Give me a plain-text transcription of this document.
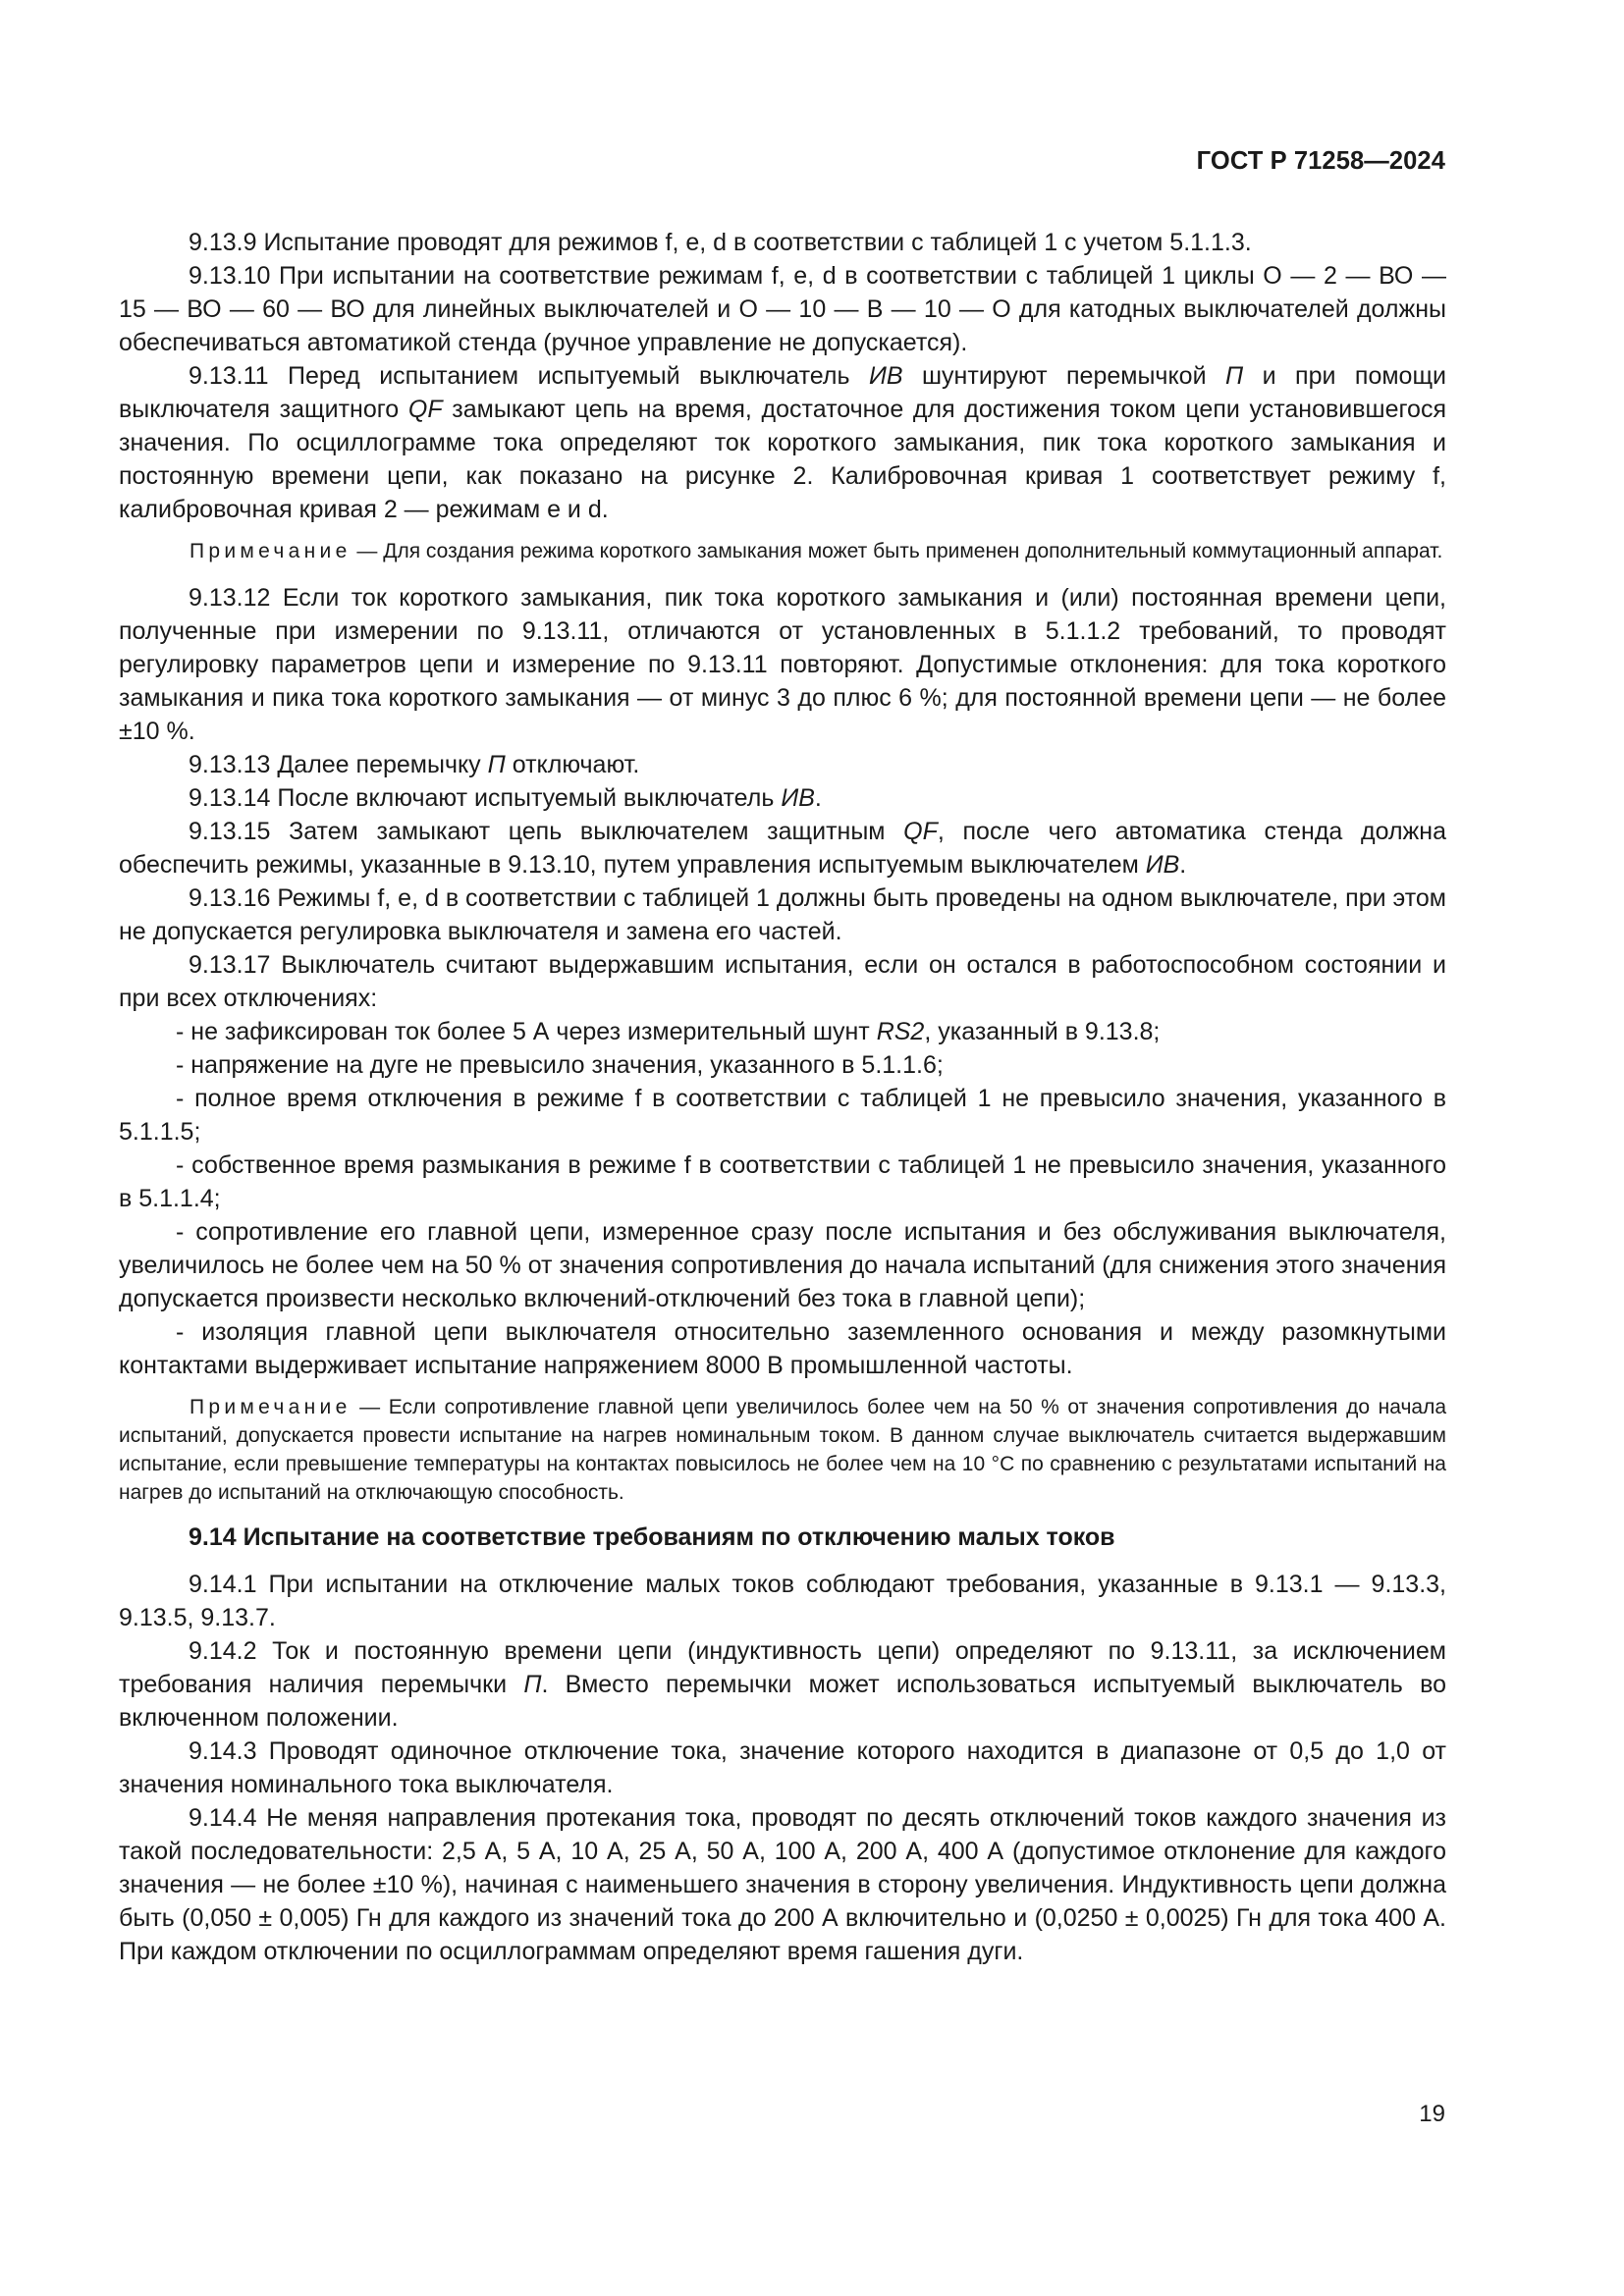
ГОСТ Р 71258—2024

9.13.9 Испытание проводят для режимов f, е, d в соответствии с таблицей 1 с учетом 5.1.1.3.

9.13.10 При испытании на соответствие режимам f, е, d в соответствии с таблицей 1 циклы О — 2 — ВО — 15 — ВО — 60 — ВО для линейных выключателей и О — 10 — В — 10 — О для катодных выключателей должны обеспечиваться автоматикой стенда (ручное управление не допускается).

9.13.11 Перед испытанием испытуемый выключатель ИВ шунтируют перемычкой П и при помощи выключателя защитного QF замыкают цепь на время, достаточное для достижения током цепи установившегося значения. По осциллограмме тока определяют ток короткого замыкания, пик тока короткого замыкания и постоянную времени цепи, как показано на рисунке 2. Калибровочная кривая 1 соответствует режиму f, калибровочная кривая 2 — режимам е и d.

Примечание — Для создания режима короткого замыкания может быть применен дополнительный коммутационный аппарат.

9.13.12 Если ток короткого замыкания, пик тока короткого замыкания и (или) постоянная времени цепи, полученные при измерении по 9.13.11, отличаются от установленных в 5.1.1.2 требований, то проводят регулировку параметров цепи и измерение по 9.13.11 повторяют. Допустимые отклонения: для тока короткого замыкания и пика тока короткого замыкания — от минус 3 до плюс 6 %; для постоянной времени цепи — не более ±10 %.

9.13.13 Далее перемычку П отключают.

9.13.14 После включают испытуемый выключатель ИВ.

9.13.15 Затем замыкают цепь выключателем защитным QF, после чего автоматика стенда должна обеспечить режимы, указанные в 9.13.10, путем управления испытуемым выключателем ИВ.

9.13.16 Режимы f, е, d в соответствии с таблицей 1 должны быть проведены на одном выключателе, при этом не допускается регулировка выключателя и замена его частей.

9.13.17 Выключатель считают выдержавшим испытания, если он остался в работоспособном состоянии и при всех отключениях:

- не зафиксирован ток более 5 А через измерительный шунт RS2, указанный в 9.13.8;

- напряжение на дуге не превысило значения, указанного в 5.1.1.6;

- полное время отключения в режиме f в соответствии с таблицей 1 не превысило значения, указанного в 5.1.1.5;

- собственное время размыкания в режиме f в соответствии с таблицей 1 не превысило значения, указанного в 5.1.1.4;

- сопротивление его главной цепи, измеренное сразу после испытания и без обслуживания выключателя, увеличилось не более чем на 50 % от значения сопротивления до начала испытаний (для снижения этого значения допускается произвести несколько включений-отключений без тока в главной цепи);

- изоляция главной цепи выключателя относительно заземленного основания и между разомкнутыми контактами выдерживает испытание напряжением 8000 В промышленной частоты.

Примечание — Если сопротивление главной цепи увеличилось более чем на 50 % от значения сопротивления до начала испытаний, допускается провести испытание на нагрев номинальным током. В данном случае выключатель считается выдержавшим испытание, если превышение температуры на контактах повысилось не более чем на 10 °С по сравнению с результатами испытаний на нагрев до испытаний на отключающую способность.

9.14 Испытание на соответствие требованиям по отключению малых токов

9.14.1 При испытании на отключение малых токов соблюдают требования, указанные в 9.13.1 — 9.13.3, 9.13.5, 9.13.7.

9.14.2 Ток и постоянную времени цепи (индуктивность цепи) определяют по 9.13.11, за исключением требования наличия перемычки П. Вместо перемычки может использоваться испытуемый выключатель во включенном положении.

9.14.3 Проводят одиночное отключение тока, значение которого находится в диапазоне от 0,5 до 1,0 от значения номинального тока выключателя.

9.14.4 Не меняя направления протекания тока, проводят по десять отключений токов каждого значения из такой последовательности: 2,5 А, 5 А, 10 А, 25 А, 50 А, 100 А, 200 А, 400 А (допустимое отклонение для каждого значения — не более ±10 %), начиная с наименьшего значения в сторону увеличения. Индуктивность цепи должна быть (0,050 ± 0,005) Гн для каждого из значений тока до 200 А включительно и (0,0250 ± 0,0025) Гн для тока 400 А. При каждом отключении по осциллограммам определяют время гашения дуги.

19
